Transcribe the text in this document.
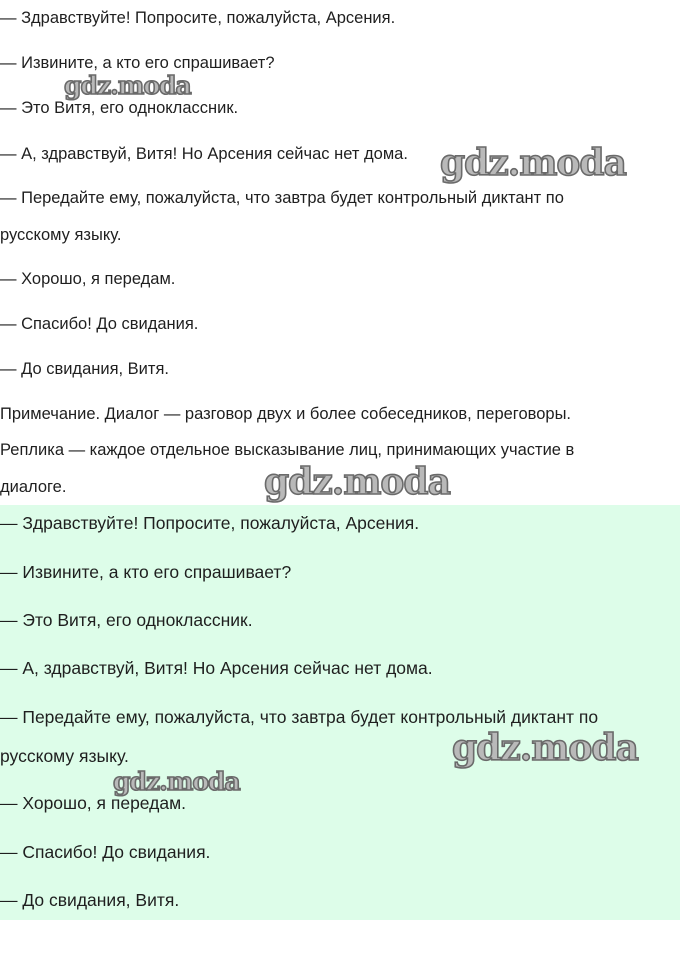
— Здравствуйте! Попросите, пожалуйста, Арсения.
— Извините, а кто его спрашивает?
— Это Витя, его одноклассник.
— А, здравствуй, Витя! Но Арсения сейчас нет дома.
— Передайте ему, пожалуйста, что завтра будет контрольный диктант по
русскому языку.
— Хорошо, я передам.
— Спасибо! До свидания.
— До свидания, Витя.
Примечание. Диалог — разговор двух и более собеседников, переговоры.
Реплика — каждое отдельное высказывание лиц, принимающих участие в
диалоге.
— Здравствуйте! Попросите, пожалуйста, Арсения.
— Извините, а кто его спрашивает?
— Это Витя, его одноклассник.
— А, здравствуй, Витя! Но Арсения сейчас нет дома.
— Передайте ему, пожалуйста, что завтра будет контрольный диктант по
русскому языку.
— Хорошо, я передам.
— Спасибо! До свидания.
— До свидания, Витя.
gdz.moda
gdz.moda
gdz.moda
gdz.moda
gdz.moda
